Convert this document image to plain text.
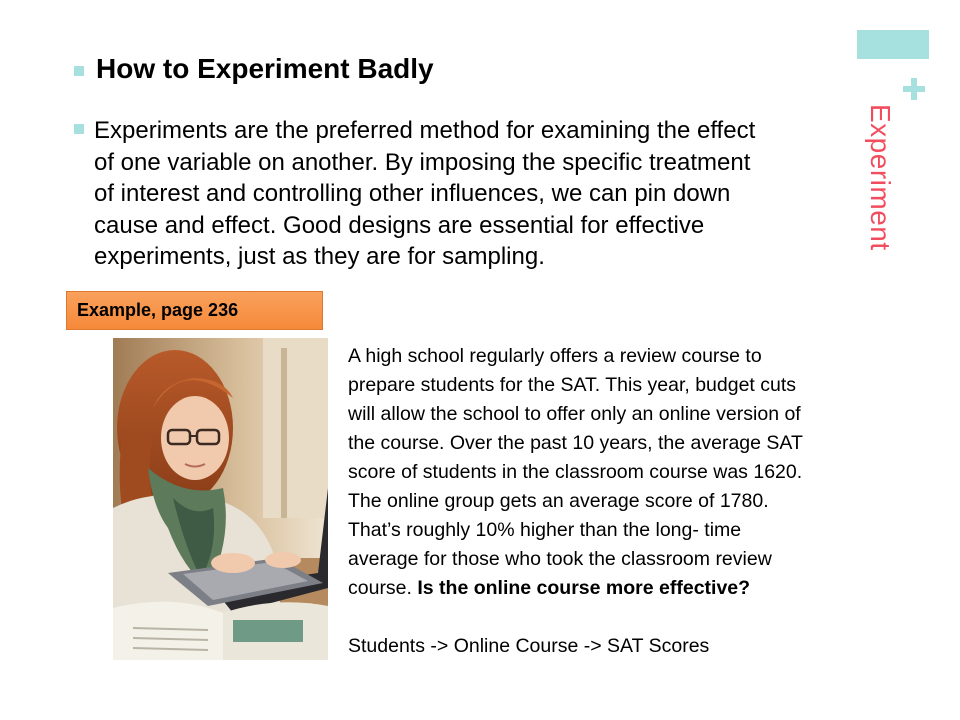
Experiment
How to Experiment Badly
Experiments are the preferred method for examining the effect
of one variable on another. By imposing the specific treatment
of interest and controlling other influences, we can pin down
cause and effect. Good designs are essential for effective
experiments, just as they are for sampling.
Example, page 236
A high school regularly offers a review course to
prepare students for the SAT. This year, budget cuts
will allow the school to offer only an online version of
the course. Over the past 10 years, the average SAT
score of students in the classroom course was 1620.
The online group gets an average score of 1780.
That’s roughly 10% higher than the long- time
average for those who took the classroom review
course. Is the online course more effective?
Students -> Online Course -> SAT Scores
